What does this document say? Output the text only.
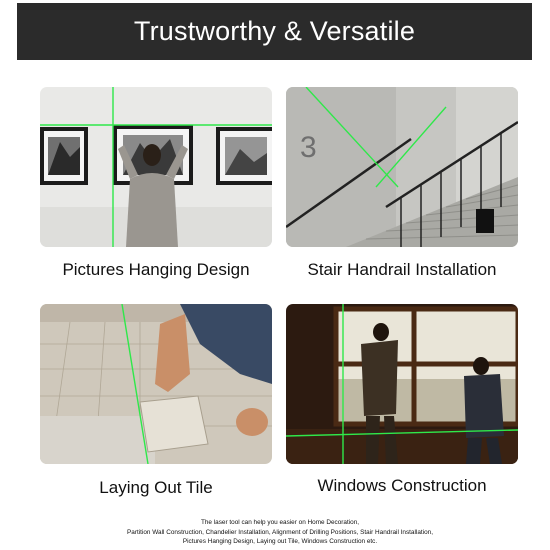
Trustworthy & Versatile
3
Pictures Hanging Design	Stair Handrail Installation
Laying Out Tile	Windows Construction
The laser tool can help you easier on Home Decoration,
Partition Wall Construction, Chandelier Installation, Alignment of Drilling Positions, Stair Handrail Installation,
Pictures Hanging Design, Laying out Tile, Windows Construction etc.
